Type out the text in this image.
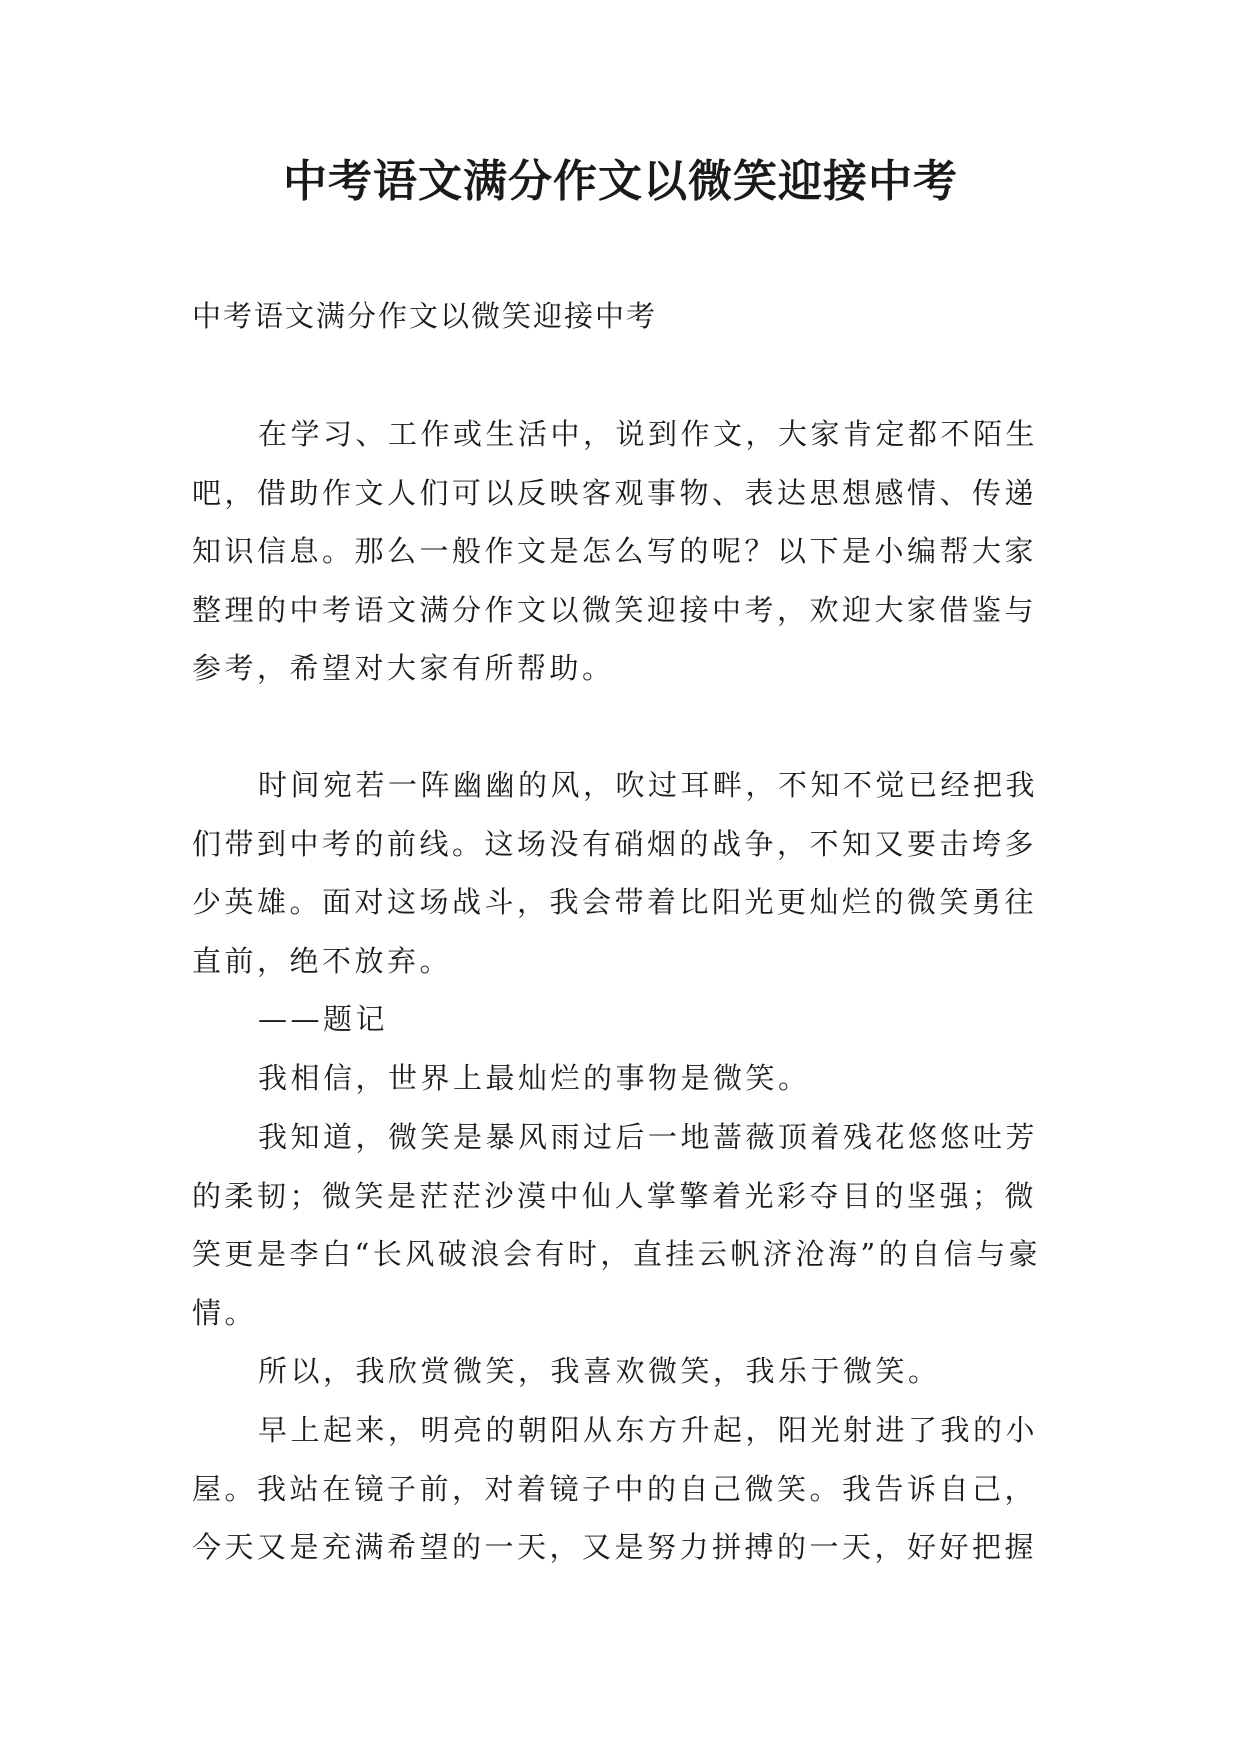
中考语文满分作文以微笑迎接中考

中考语文满分作文以微笑迎接中考

在学习、工作或生活中，说到作文，大家肯定都不陌生吧，借助作文人们可以反映客观事物、表达思想感情、传递知识信息。那么一般作文是怎么写的呢？以下是小编帮大家整理的中考语文满分作文以微笑迎接中考，欢迎大家借鉴与参考，希望对大家有所帮助。

时间宛若一阵幽幽的风，吹过耳畔，不知不觉已经把我们带到中考的前线。这场没有硝烟的战争，不知又要击垮多少英雄。面对这场战斗，我会带着比阳光更灿烂的微笑勇往直前，绝不放弃。

——题记

我相信，世界上最灿烂的事物是微笑。

我知道，微笑是暴风雨过后一地蔷薇顶着残花悠悠吐芳的柔韧；微笑是茫茫沙漠中仙人掌擎着光彩夺目的坚强；微笑更是李白“长风破浪会有时，直挂云帆济沧海”的自信与豪情。

所以，我欣赏微笑，我喜欢微笑，我乐于微笑。

早上起来，明亮的朝阳从东方升起，阳光射进了我的小屋。我站在镜子前，对着镜子中的自己微笑。我告诉自己，今天又是充满希望的一天，又是努力拼搏的一天，好好把握
